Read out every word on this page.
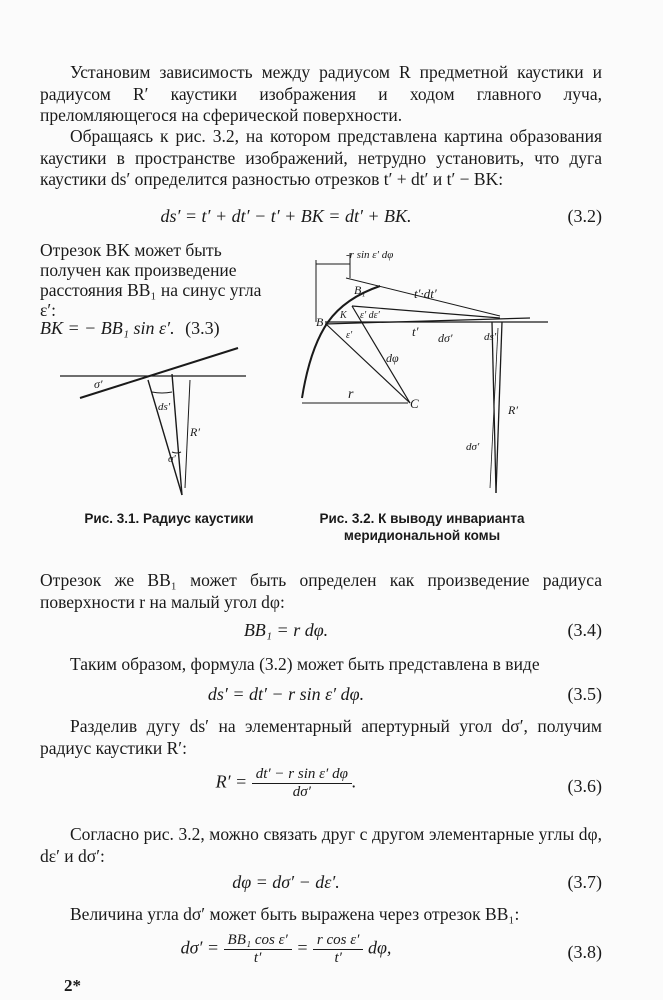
Установим зависимость между радиусом R предметной каустики и радиусом R′ каустики изображения и ходом главного луча, преломляющегося на сферической поверхности.

Обращаясь к рис. 3.2, на котором представлена картина образования каустики в пространстве изображений, нетрудно установить, что дуга каустики ds′ определится разностью отрезков t′ + dt′ и t′ − BK:

ds′ = t′ + dt′ − t′ + BK = dt′ + BK.	(3.2)
Отрезок BK может быть получен как произведение расстояния BB₁ на синус угла ε′:
BK = − BB₁ sin ε′. (3.3)
σ′
ds′
R′
σ′
-r sin ε′ dφ
B
B₁
K ε′ dε′
ε′
t′·dt′
t′ dσ′	ds′
dφ
r
C	R′
dσ′
Рис. 3.1. Радиус каустики	Рис. 3.2. К выводу инварианта меридиональной комы

Отрезок же BB₁ может быть определен как произведение радиуса поверхности r на малый угол dφ:

BB₁ = r dφ.	(3.4)

Таким образом, формула (3.2) может быть представлена в виде

ds′ = dt′ − r sin ε′ dφ.	(3.5)

Разделив дугу ds′ на элементарный апертурный угол dσ′, получим радиус каустики R′:

$R' = \frac{\text{dt′ − r sin ε′ dφ}}{d\sigma'}$ .	(3.6)

Согласно рис. 3.2, можно связать друг с другом элементарные углы dφ, dε′ и dσ′:

dφ = dσ′ − dε′.	(3.7)

Величина угла dσ′ может быть выражена через отрезок BB₁:

$d\sigma' = \frac{\text{BB₁ cos ε′}}{t'} = \frac{\text{r cos ε′}}{t'} d\varphi$,	(3.8)
2*
